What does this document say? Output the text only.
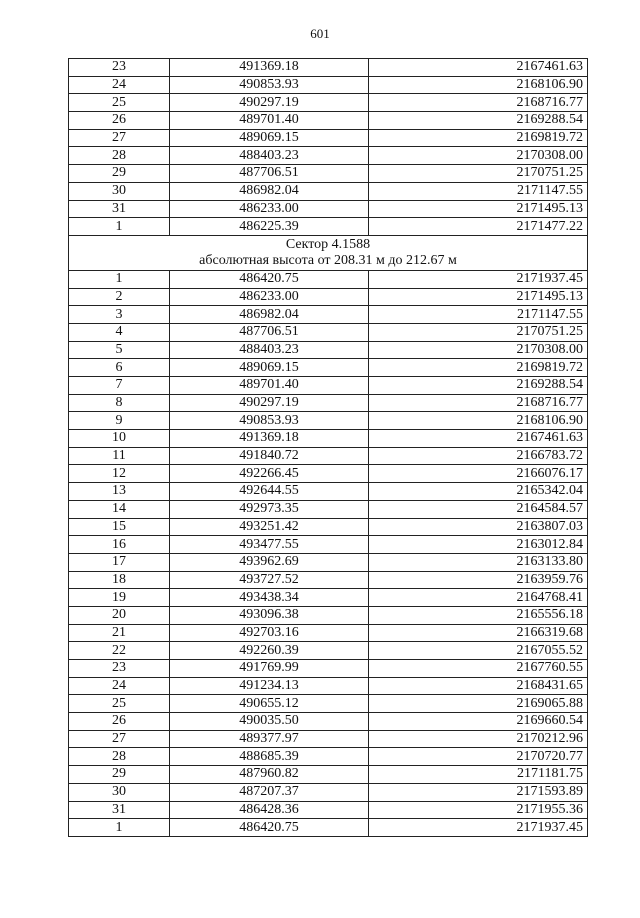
601
23	491369.18	2167461.63
24	490853.93	2168106.90
25	490297.19	2168716.77
26	489701.40	2169288.54
27	489069.15	2169819.72
28	488403.23	2170308.00
29	487706.51	2170751.25
30	486982.04	2171147.55
31	486233.00	2171495.13
1	486225.39	2171477.22

Сектор 4.1588
абсолютная высота от 208.31 м до 212.67 м		

1	486420.75	2171937.45
2	486233.00	2171495.13
3	486982.04	2171147.55
4	487706.51	2170751.25
5	488403.23	2170308.00
6	489069.15	2169819.72
7	489701.40	2169288.54
8	490297.19	2168716.77
9	490853.93	2168106.90
10	491369.18	2167461.63
11	491840.72	2166783.72
12	492266.45	2166076.17
13	492644.55	2165342.04
14	492973.35	2164584.57
15	493251.42	2163807.03
16	493477.55	2163012.84
17	493962.69	2163133.80
18	493727.52	2163959.76
19	493438.34	2164768.41
20	493096.38	2165556.18
21	492703.16	2166319.68
22	492260.39	2167055.52
23	491769.99	2167760.55
24	491234.13	2168431.65
25	490655.12	2169065.88
26	490035.50	2169660.54
27	489377.97	2170212.96
28	488685.39	2170720.77
29	487960.82	2171181.75
30	487207.37	2171593.89
31	486428.36	2171955.36
1	486420.75	2171937.45
